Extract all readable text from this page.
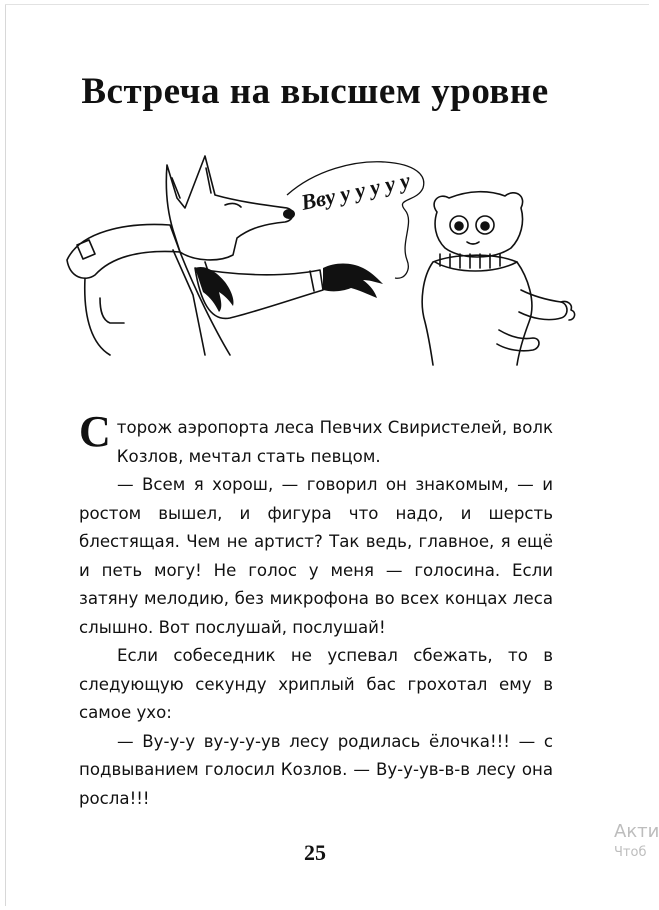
Встреча на высшем уровне
Вву у у у у у

Сторож аэропорта леса Певчих Свиристелей, волк Козлов, мечтал стать певцом.

— Всем я хорош, — говорил он знакомым, — и ростом вышел, и фигура что надо, и шерсть блестящая. Чем не артист? Так ведь, главное, я ещё и петь могу! Не голос у меня — голосина. Если затяну мелодию, без микрофона во всех концах леса слышно. Вот послушай, послушай!

Если собеседник не успевал сбежать, то в следующую секунду хриплый бас грохотал ему в самое ухо:

— Ву-у-у ву-у-у-ув лесу родилась ёлочка!!! — с подвыванием голосил Козлов. — Ву-у-ув-в-в лесу она росла!!!

25
Акти
Чтоб
